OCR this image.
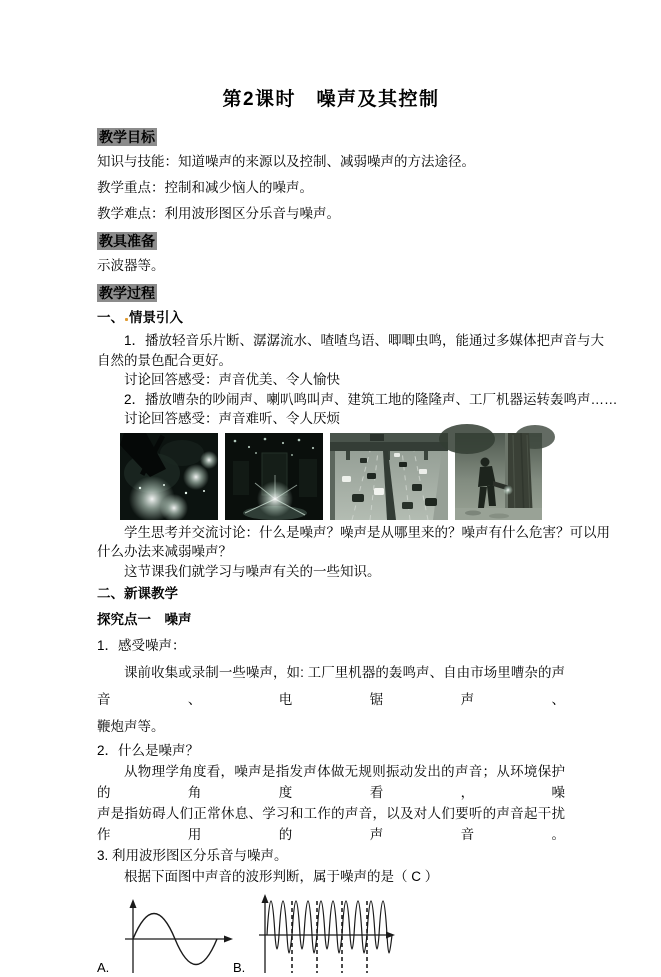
第2课时　噪声及其控制
教学目标
知识与技能：知道噪声的来源以及控制、减弱噪声的方法途径。
教学重点：控制和减少恼人的噪声。
教学难点：利用波形图区分乐音与噪声。
教具准备
示波器等。
教学过程
一、 情景引入
1．播放轻音乐片断、潺潺流水、喳喳鸟语、唧唧虫鸣，能通过多媒体把声音与大
自然的景色配合更好。
讨论回答感受：声音优美、令人愉快
2．播放嘈杂的吵闹声、喇叭鸣叫声、建筑工地的隆隆声、工厂机器运转轰鸣声……
讨论回答感受：声音难听、令人厌烦
学生思考并交流讨论：什么是噪声？噪声是从哪里来的？噪声有什么危害？可以用
什么办法来减弱噪声？
这节课我们就学习与噪声有关的一些知识。
二、新课教学
探究点一　噪声
1．感受噪声：
课前收集或录制一些噪声，如: 工厂里机器的轰鸣声、自由市场里嘈杂的声音、电锯声、
鞭炮声等。
2．什么是噪声？
从物理学角度看，噪声是指发声体做无规则振动发出的声音；从环境保护的角度看，噪
声是指妨碍人们正常休息、学习和工作的声音，以及对人们要听的声音起干扰作用的声音。
3. 利用波形图区分乐音与噪声。
根据下面图中声音的波形判断，属于噪声的是（ C ）
A.	B.
